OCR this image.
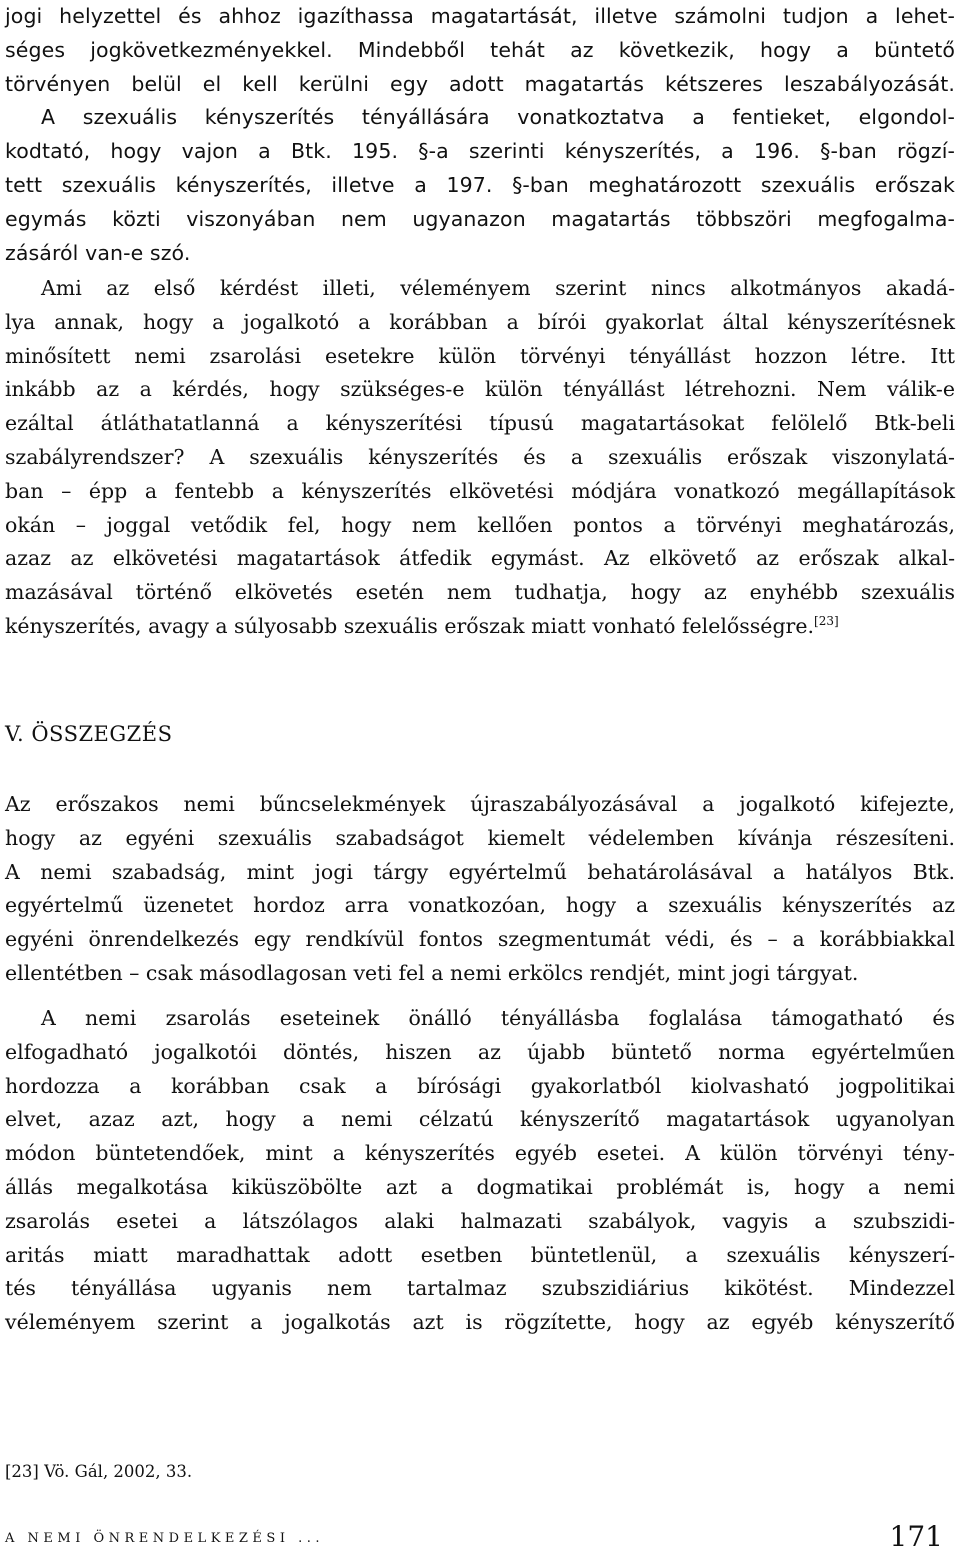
jogi helyzettel és ahhoz igazíthassa magatartását, illetve számolni tudjon a lehet-
séges jogkövetkezményekkel. Mindebből tehát az következik, hogy a büntető
törvényen belül el kell kerülni egy adott magatartás kétszeres leszabályozását.
A szexuális kényszerítés tényállására vonatkoztatva a fentieket, elgondol-
kodtató, hogy vajon a Btk. 195. §-a szerinti kényszerítés, a 196. §-ban rögzí-
tett szexuális kényszerítés, illetve a 197. §-ban meghatározott szexuális erőszak
egymás közti viszonyában nem ugyanazon magatartás többszöri megfogalma-
zásáról van-e szó.
Ami az első kérdést illeti, véleményem szerint nincs alkotmányos akadá-
lya annak, hogy a jogalkotó a korábban a bírói gyakorlat által kényszerítésnek
minősített nemi zsarolási esetekre külön törvényi tényállást hozzon létre. Itt
inkább az a kérdés, hogy szükséges-e külön tényállást létrehozni. Nem válik-e
ezáltal átláthatatlanná a kényszerítési típusú magatartásokat felölelő Btk-beli
szabályrendszer? A szexuális kényszerítés és a szexuális erőszak viszonylatá-
ban – épp a fentebb a kényszerítés elkövetési módjára vonatkozó megállapítások
okán – joggal vetődik fel, hogy nem kellően pontos a törvényi meghatározás,
azaz az elkövetési magatartások átfedik egymást. Az elkövető az erőszak alkal-
mazásával történő elkövetés esetén nem tudhatja, hogy az enyhébb szexuális
kényszerítés, avagy a súlyosabb szexuális erőszak miatt vonható felelősségre.[23]
V. ÖSSZEGZÉS
Az erőszakos nemi bűncselekmények újraszabályozásával a jogalkotó kifejezte,
hogy az egyéni szexuális szabadságot kiemelt védelemben kívánja részesíteni.
A nemi szabadság, mint jogi tárgy egyértelmű behatárolásával a hatályos Btk.
egyértelmű üzenetet hordoz arra vonatkozóan, hogy a szexuális kényszerítés az
egyéni önrendelkezés egy rendkívül fontos szegmentumát védi, és – a korábbiakkal
ellentétben – csak másodlagosan veti fel a nemi erkölcs rendjét, mint jogi tárgyat.
A nemi zsarolás eseteinek önálló tényállásba foglalása támogatható és
elfogadható jogalkotói döntés, hiszen az újabb büntető norma egyértelműen
hordozza a korábban csak a bírósági gyakorlatból kiolvasható jogpolitikai
elvet, azaz azt, hogy a nemi célzatú kényszerítő magatartások ugyanolyan
módon büntetendőek, mint a kényszerítés egyéb esetei. A külön törvényi tény-
állás megalkotása kiküszöbölte azt a dogmatikai problémát is, hogy a nemi
zsarolás esetei a látszólagos alaki halmazati szabályok, vagyis a szubszidi-
aritás miatt maradhattak adott esetben büntetlenül, a szexuális kényszerí-
tés tényállása ugyanis nem tartalmaz szubszidiárius kikötést. Mindezzel
véleményem szerint a jogalkotás azt is rögzítette, hogy az egyéb kényszerítő
[23] Vö. Gál, 2002, 33.
A NEMI ÖNRENDELKEZÉSI ...	171
